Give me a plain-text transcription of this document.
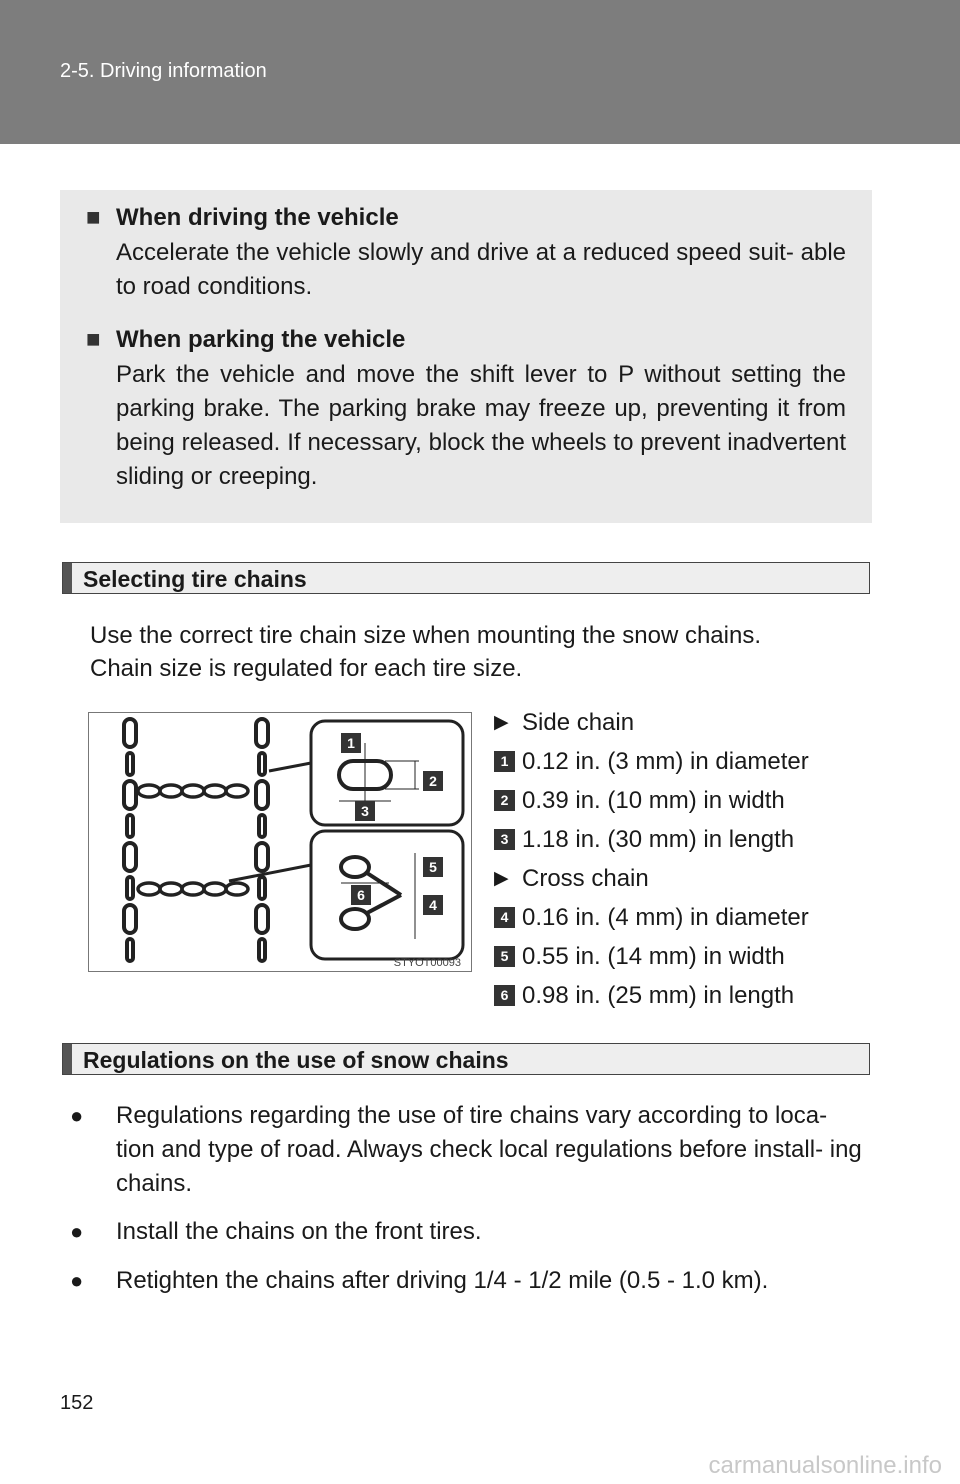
2-5. Driving information
■ When driving the vehicle
Accelerate the vehicle slowly and drive at a reduced speed suit- able to road conditions.
■ When parking the vehicle
Park the vehicle and move the shift lever to P without setting the parking brake. The parking brake may freeze up, preventing it from being released. If necessary, block the wheels to prevent inadvertent sliding or creeping.
Selecting tire chains
Use the correct tire chain size when mounting the snow chains.
Chain size is regulated for each tire size.
1
2
3
4
5
6
STYOT00093
▶ Side chain
1 0.12 in. (3 mm) in diameter
2 0.39 in. (10 mm) in width
3 1.18 in. (30 mm) in length
▶ Cross chain
4 0.16 in. (4 mm) in diameter
5 0.55 in. (14 mm) in width
6 0.98 in. (25 mm) in length
Regulations on the use of snow chains
●	Regulations regarding the use of tire chains vary according to loca- tion and type of road. Always check local regulations before install- ing chains.
●	Install the chains on the front tires.
●	Retighten the chains after driving 1/4 - 1/2 mile (0.5 - 1.0 km).
152
carmanualsonline.info
